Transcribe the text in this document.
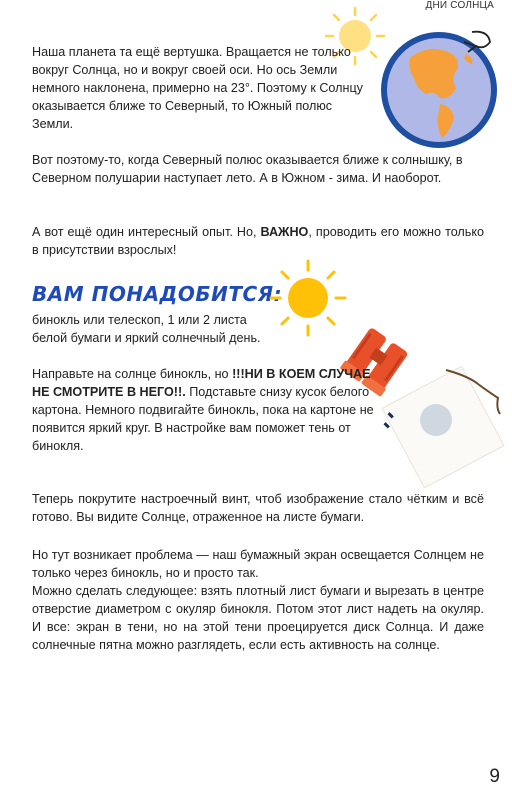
ДНИ СОЛНЦА

Наша планета та ещё вертушка. Вращается не только вокруг Солнца, но и вокруг своей оси. Но ось Земли немного наклонена, примерно на 23°. Поэтому к Солнцу оказывается ближе то Северный, то Южный полюс Земли.

Вот поэтому-то, когда Северный полюс оказывается ближе к солнышку, в Северном полушарии наступает лето. А в Южном - зима. И наоборот.

А вот ещё один интересный опыт. Но, ВАЖНО, проводить его можно только в присутствии взрослых!

ВАМ ПОНАДОБИТСЯ:

бинокль или телескоп, 1 или 2 листа белой бумаги и яркий солнечный день.

Направьте на солнце бинокль, но !!!НИ В КОЕМ СЛУЧАЕ НЕ СМОТРИТЕ В НЕГО!!. Подставьте снизу кусок белого картона. Немного подвигайте бинокль, пока на картоне не появится яркий круг. В настройке вам поможет тень от бинокля.

Теперь покрутите настроечный винт, чтоб изображение стало чётким и всё готово. Вы видите Солнце, отраженное на листе бумаги.

Но тут возникает проблема — наш бумажный экран освещается Солнцем не только через бинокль, но и просто так.

Можно сделать следующее: взять плотный лист бумаги и вырезать в центре отверстие диаметром с окуляр бинокля. Потом этот лист надеть на окуляр. И все: экран в тени, но на этой тени проецируется диск Солнца. И даже солнечные пятна можно разглядеть, если есть активность на солнце.

9
